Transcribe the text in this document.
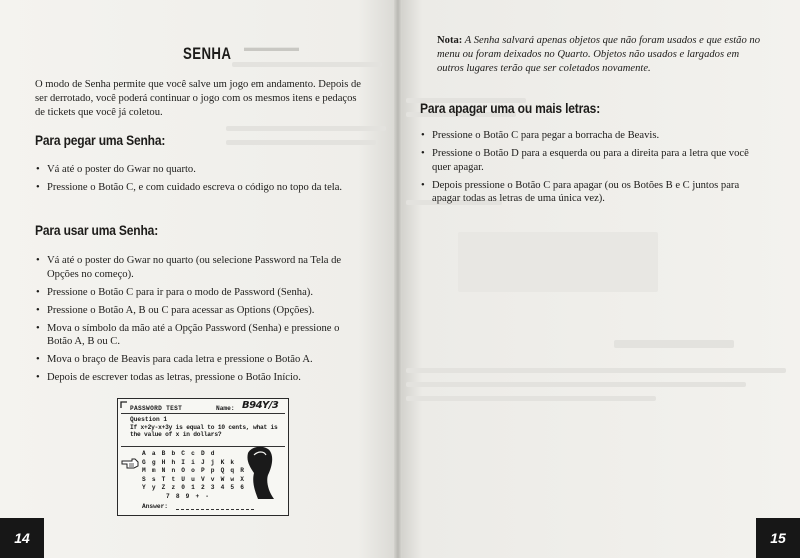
▬▬▬▬▬
SENHA

O modo de Senha permite que você salve um jogo em andamento. Depois de ser derrotado, você poderá continuar o jogo com os mesmos itens e pedaços de tickets que você já coletou.

Para pegar uma Senha:
• Vá até o poster do Gwar no quarto.
• Pressione o Botão C, e com cuidado escreva o código no topo da tela.
Para usar uma Senha:
• Vá até o poster do Gwar no quarto (ou selecione Password na Tela de Opções no começo).
• Pressione o Botão C para ir para o modo de Password (Senha).
• Pressione o Botão A, B ou C para acessar as Options (Opções).
• Mova o símbolo da mão até a Opção Password (Senha) e pressione o Botão A, B ou C.
• Mova o braço de Beavis para cada letra e pressione o Botão A.
• Depois de escrever todas as letras, pressione o Botão Início.
PASSWORD TEST	Name: B94Y/3
Question 1
If x+2y-x+3y is equal to 10 cents, what is the value of x in dollars?
A a B b C c D d
G g H h I i J j K k
M m N n O o P p Q q R
S s T t U u V v W w X
Y y Z z 0 1 2 3 4 5 6
7 8 9 + -
Answer:
14

Nota: A Senha salvará apenas objetos que não foram usados e que estão no menu ou foram deixados no Quarto. Objetos não usados e largados em outros lugares terão que ser coletados novamente.

Para apagar uma ou mais letras:
• Pressione o Botão C para pegar a borracha de Beavis.
• Pressione o Botão D para a esquerda ou para a direita para a letra que você quer apagar.
• Depois pressione o Botão C para apagar (ou os Botões B e C juntos para apagar todas as letras de uma única vez).
15
